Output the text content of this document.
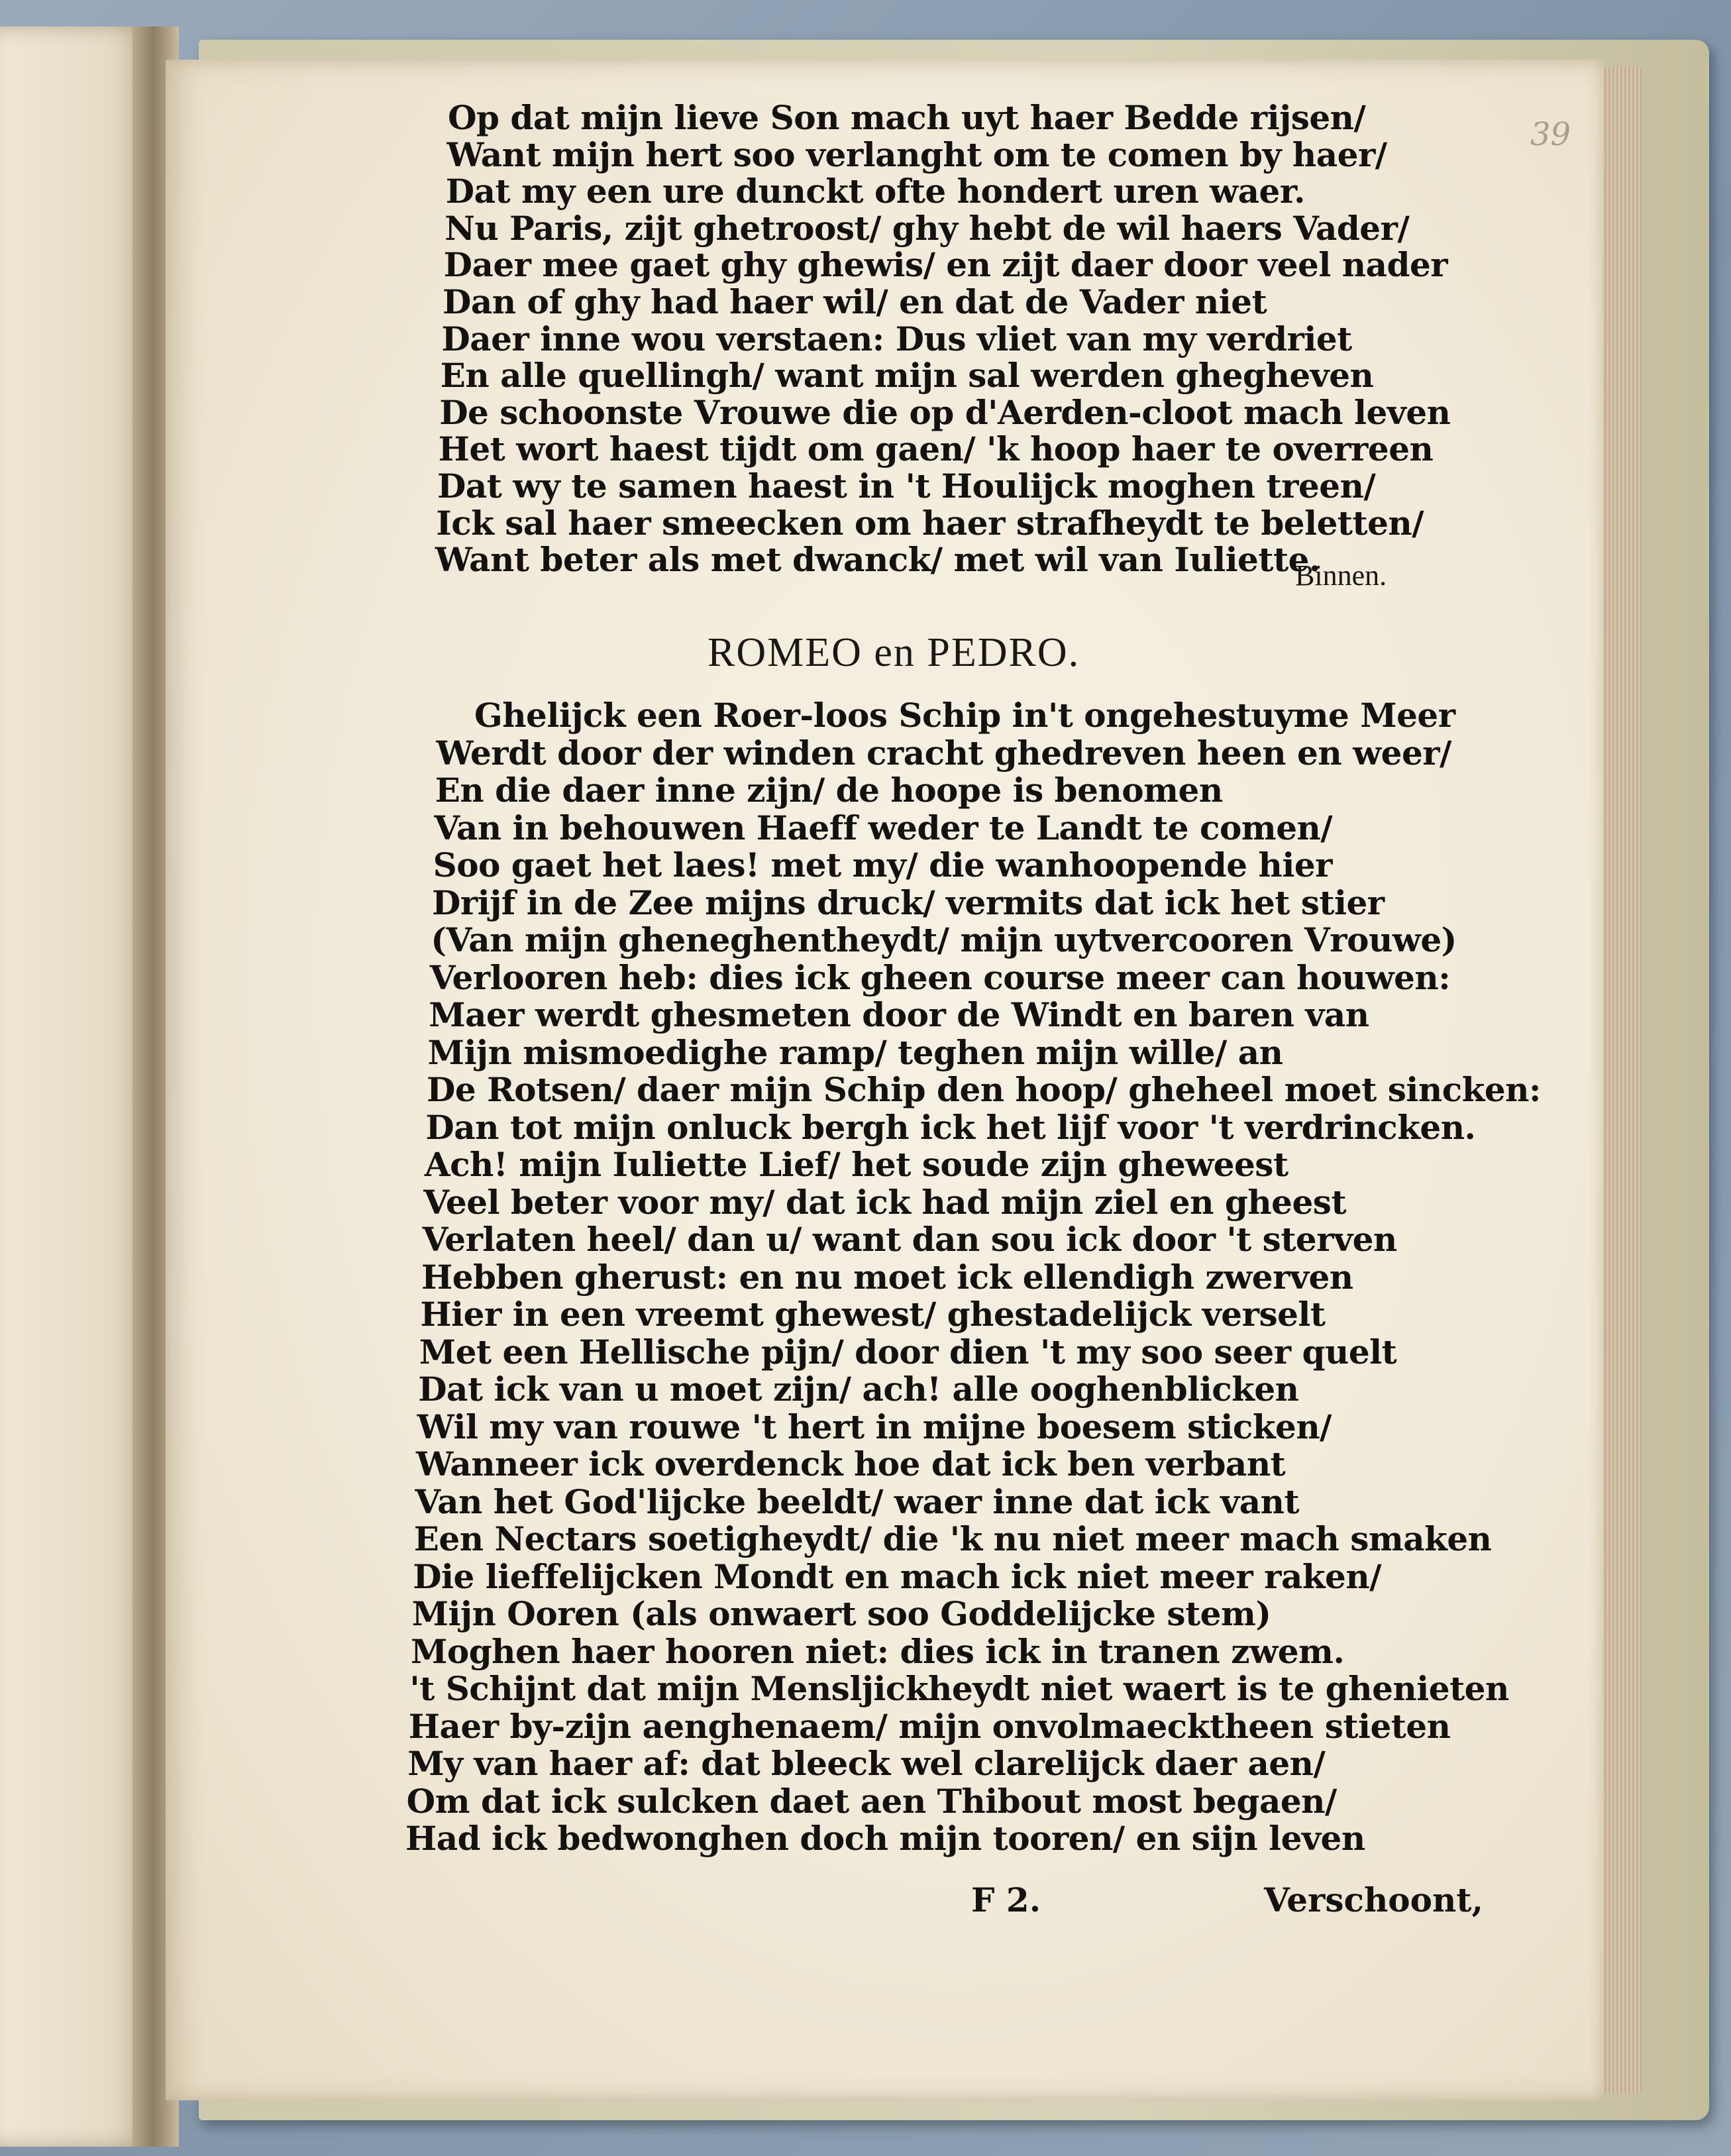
39
Op dat mijn lieve Son mach uyt haer Bedde rijsen/
Want mijn hert soo verlanght om te comen by haer/
Dat my een ure dunckt ofte hondert uren waer.
Nu Paris, zijt ghetroost/ ghy hebt de wil haers Vader/
Daer mee gaet ghy ghewis/ en zijt daer door veel nader
Dan of ghy had haer wil/ en dat de Vader niet
Daer inne wou verstaen: Dus vliet van my verdriet
En alle quellingh/ want mijn sal werden ghegheven
De schoonste Vrouwe die op d'Aerden-cloot mach leven
Het wort haest tijdt om gaen/ 'k hoop haer te overreen
Dat wy te samen haest in 't Houlijck moghen treen/
Ick sal haer smeecken om haer strafheydt te beletten/
Want beter als met dwanck/ met wil van Iuliette.
Binnen.
ROMEO en PEDRO.
Ghelijck een Roer-loos Schip in't ongehestuyme Meer
Werdt door der winden cracht ghedreven heen en weer/
En die daer inne zijn/ de hoope is benomen
Van in behouwen Haeff weder te Landt te comen/
Soo gaet het laes! met my/ die wanhoopende hier
Drijf in de Zee mijns druck/ vermits dat ick het stier
(Van mijn gheneghentheydt/ mijn uytvercooren Vrouwe)
Verlooren heb: dies ick gheen course meer can houwen:
Maer werdt ghesmeten door de Windt en baren van
Mijn mismoedighe ramp/ teghen mijn wille/ an
De Rotsen/ daer mijn Schip den hoop/ gheheel moet sincken:
Dan tot mijn onluck bergh ick het lijf voor 't verdrincken.
Ach! mijn Iuliette Lief/ het soude zijn gheweest
Veel beter voor my/ dat ick had mijn ziel en gheest
Verlaten heel/ dan u/ want dan sou ick door 't sterven
Hebben gherust: en nu moet ick ellendigh zwerven
Hier in een vreemt ghewest/ ghestadelijck verselt
Met een Hellische pijn/ door dien 't my soo seer quelt
Dat ick van u moet zijn/ ach! alle ooghenblicken
Wil my van rouwe 't hert in mijne boesem sticken/
Wanneer ick overdenck hoe dat ick ben verbant
Van het God'lijcke beeldt/ waer inne dat ick vant
Een Nectars soetigheydt/ die 'k nu niet meer mach smaken
Die lieffelijcken Mondt en mach ick niet meer raken/
Mijn Ooren (als onwaert soo Goddelijcke stem)
Moghen haer hooren niet: dies ick in tranen zwem.
't Schijnt dat mijn Mensljickheydt niet waert is te ghenieten
Haer by-zijn aenghenaem/ mijn onvolmaecktheen stieten
My van haer af: dat bleeck wel clarelijck daer aen/
Om dat ick sulcken daet aen Thibout most begaen/
Had ick bedwonghen doch mijn tooren/ en sijn leven
F 2.	Verschoont,
